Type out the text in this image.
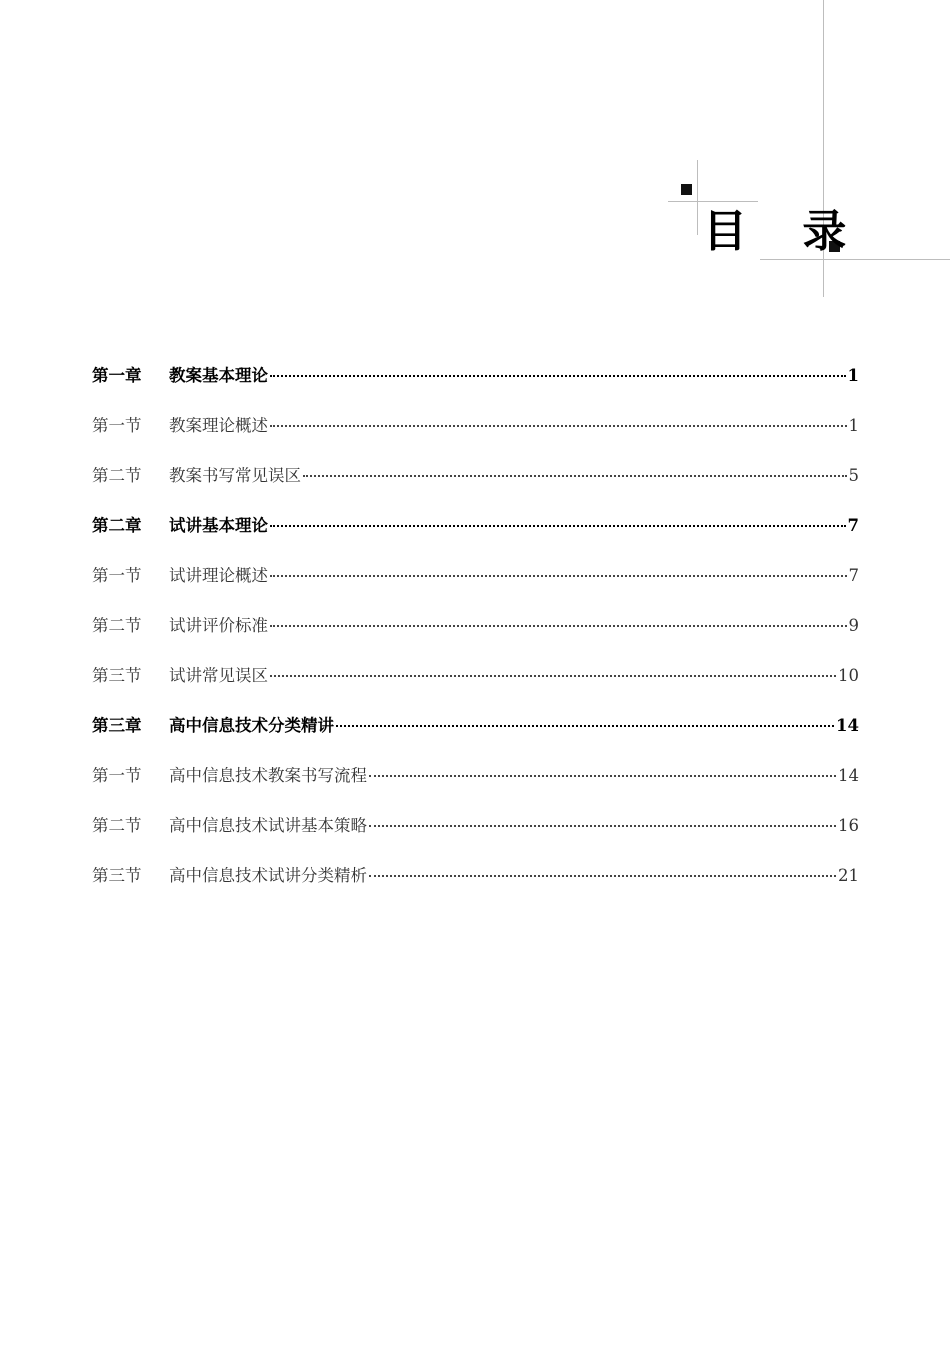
目 录
第一章	教案基本理论	1
第一节	教案理论概述	1
第二节	教案书写常见误区	5
第二章	试讲基本理论	7
第一节	试讲理论概述	7
第二节	试讲评价标准	9
第三节	试讲常见误区	10
第三章	高中信息技术分类精讲	14
第一节	高中信息技术教案书写流程	14
第二节	高中信息技术试讲基本策略	16
第三节	高中信息技术试讲分类精析	21
